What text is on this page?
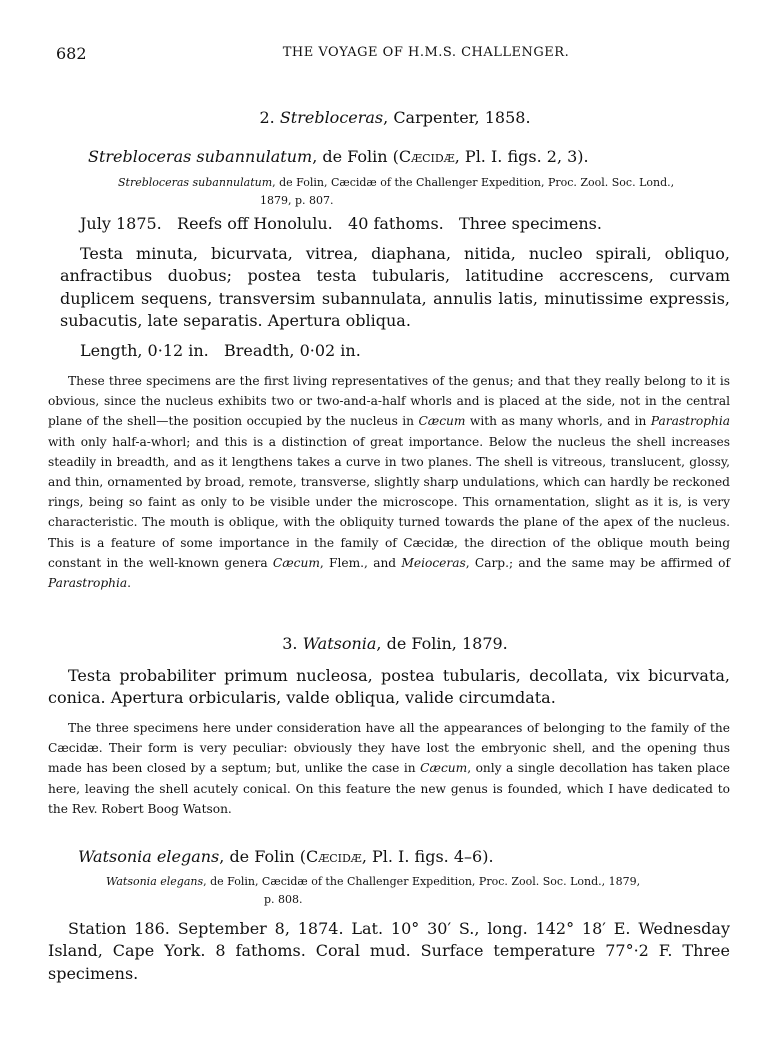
682	THE VOYAGE OF H.M.S. CHALLENGER.
2. Strebloceras, Carpenter, 1858.
Strebloceras subannulatum, de Folin (Cæcidæ, Pl. I. figs. 2, 3).
Strebloceras subannulatum, de Folin, Cæcidæ of the Challenger Expedition, Proc. Zool. Soc. Lond.,
1879, p. 807.
July 1875.   Reefs off Honolulu.   40 fathoms.   Three specimens.
Testa minuta, bicurvata, vitrea, diaphana, nitida, nucleo spirali, obliquo, anfractibus duobus; postea testa tubularis, latitudine accrescens, curvam duplicem sequens, transversim subannulata, annulis latis, minutissime expressis, subacutis, late separatis. Apertura obliqua.
Length, 0·12 in.   Breadth, 0·02 in.
These three specimens are the first living representatives of the genus; and that they really belong to it is obvious, since the nucleus exhibits two or two-and-a-half whorls and is placed at the side, not in the central plane of the shell—the position occupied by the nucleus in Cæcum with as many whorls, and in Parastrophia with only half-a-whorl; and this is a distinction of great importance. Below the nucleus the shell increases steadily in breadth, and as it lengthens takes a curve in two planes. The shell is vitreous, translucent, glossy, and thin, ornamented by broad, remote, transverse, slightly sharp undulations, which can hardly be reckoned rings, being so faint as only to be visible under the microscope. This ornamentation, slight as it is, is very characteristic. The mouth is oblique, with the obliquity turned towards the plane of the apex of the nucleus. This is a feature of some importance in the family of Cæcidæ, the direction of the oblique mouth being constant in the well-known genera Cæcum, Flem., and Meioceras, Carp.; and the same may be affirmed of Parastrophia.
3. Watsonia, de Folin, 1879.
Testa probabiliter primum nucleosa, postea tubularis, decollata, vix bicurvata, conica. Apertura orbicularis, valde obliqua, valide circumdata.
The three specimens here under consideration have all the appearances of belonging to the family of the Cæcidæ. Their form is very peculiar: obviously they have lost the embryonic shell, and the opening thus made has been closed by a septum; but, unlike the case in Cæcum, only a single decollation has taken place here, leaving the shell acutely conical. On this feature the new genus is founded, which I have dedicated to the Rev. Robert Boog Watson.
Watsonia elegans, de Folin (Cæcidæ, Pl. I. figs. 4–6).
Watsonia elegans, de Folin, Cæcidæ of the Challenger Expedition, Proc. Zool. Soc. Lond., 1879,
p. 808.
Station 186. September 8, 1874. Lat. 10° 30′ S., long. 142° 18′ E. Wednesday Island, Cape York. 8 fathoms. Coral mud. Surface temperature 77°·2 F. Three specimens.
